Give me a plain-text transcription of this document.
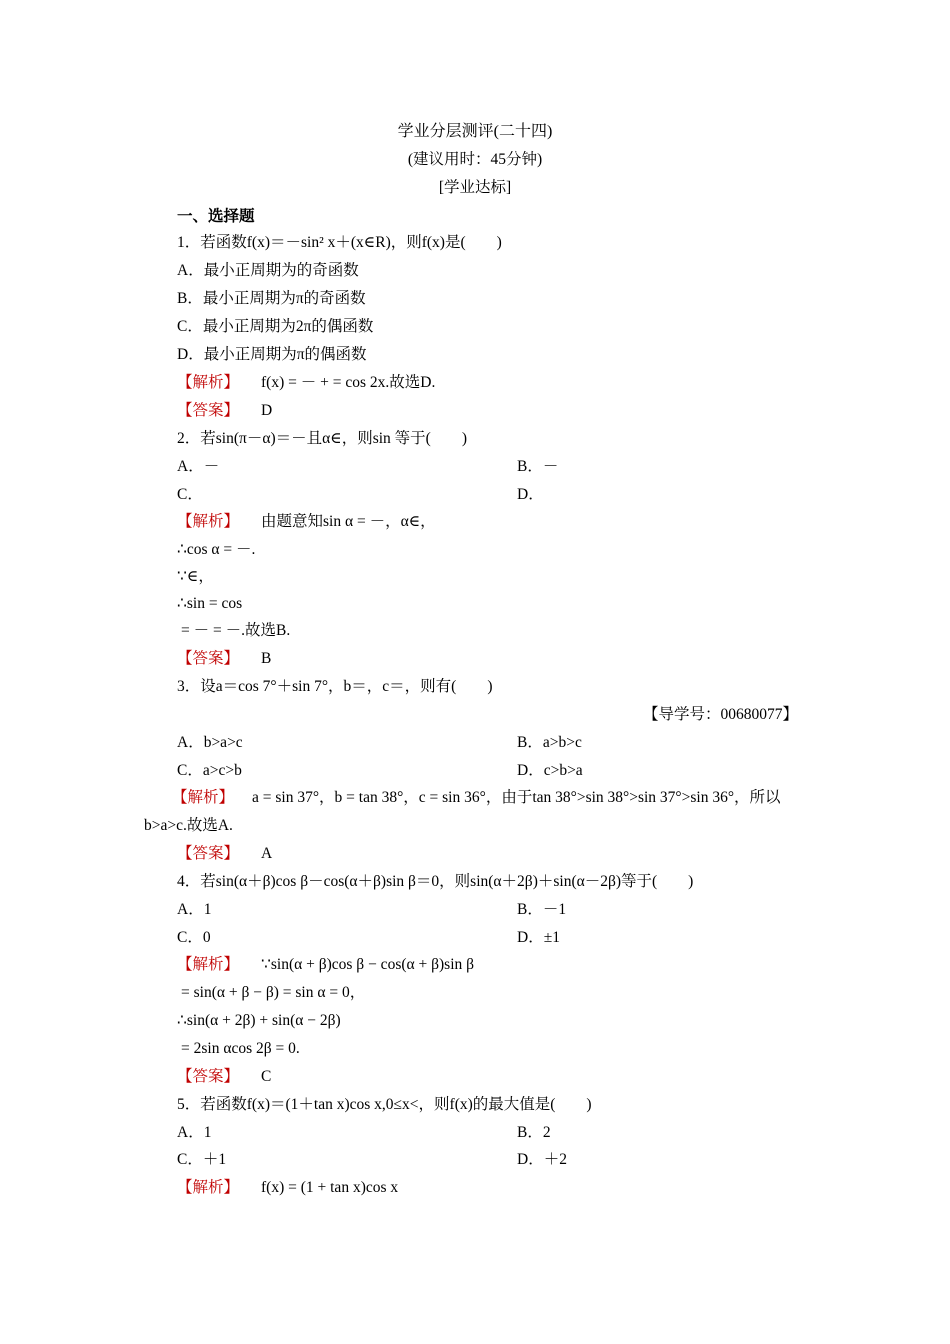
学业分层测评(二十四)
(建议用时：45分钟)
[学业达标]
一、选择题
1．若函数f(x)＝－sin² x＋(x∈R)，则f(x)是(　　)
A．最小正周期为的奇函数
B．最小正周期为π的奇函数
C．最小正周期为2π的偶函数
D．最小正周期为π的偶函数
【解析】 f(x) = － + = cos 2x.故选D.
【答案】 D
2．若sin(π－α)＝－且α∈，则sin 等于(　　)
A．－	B．－
C．	D．
【解析】 由题意知sin α = －，α∈，
∴cos α = －.
∵∈，
∴sin = cos
= － = －.故选B.
【答案】 B
3．设a＝cos 7°＋sin 7°，b＝，c＝，则有(　　)
【导学号：00680077】
A．b>a>c	B．a>b>c
C．a>c>b	D．c>b>a
【解析】 a = sin 37°，b = tan 38°，c = sin 36°，由于tan 38°>sin 38°>sin 37°>sin 36°，所以
b>a>c.故选A.
【答案】 A
4．若sin(α＋β)cos β－cos(α＋β)sin β＝0，则sin(α＋2β)＋sin(α－2β)等于(　　)
A．1	B．－1
C．0	D．±1
【解析】 ∵sin(α + β)cos β − cos(α + β)sin β
= sin(α + β − β) = sin α = 0，
∴sin(α + 2β) + sin(α − 2β)
= 2sin αcos 2β = 0.
【答案】 C
5．若函数f(x)＝(1＋tan x)cos x,0≤x<，则f(x)的最大值是(　　)
A．1	B．2
C．＋1	D．＋2
【解析】 f(x) = (1 + tan x)cos x
